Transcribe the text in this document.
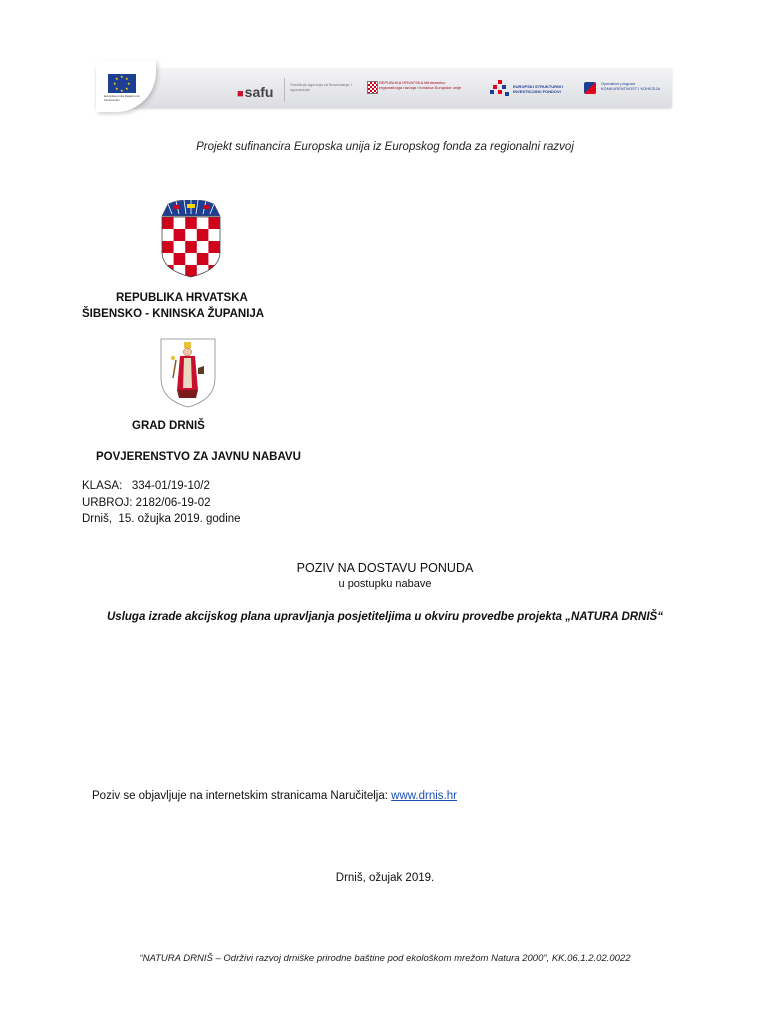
★ ★
★
★
★
★
★
★
Europska unija Zajedno do fondova EU	■safu	Središnja agencija za financiranje i ugovaranje
REPUBLIKA HRVATSKA Ministarstvo regionalnoga razvoja i fondova Europske unije	EUROPSKI STRUKTURNI I INVESTICIJSKI FONDOVI
Operativni program KONKURENTNOST I KOHEZIJA
Projekt sufinancira Europska unija iz Europskog fonda za regionalni razvoj
REPUBLIKA HRVATSKA
ŠIBENSKO - KNINSKA ŽUPANIJA
GRAD DRNIŠ
POVJERENSTVO ZA JAVNU NABAVU
KLASA:   334-01/19-10/2
URBROJ: 2182/06-19-02
Drniš,  15. ožujka 2019. godine
POZIV NA DOSTAVU PONUDA
u postupku nabave
Usluga izrade akcijskog plana upravljanja posjetiteljima u okviru provedbe projekta „NATURA DRNIŠ“
Poziv se objavljuje na internetskim stranicama Naručitelja: www.drnis.hr
Drniš, ožujak 2019.
“NATURA DRNIŠ – Održivi razvoj drniške prirodne baštine pod ekološkom mrežom Natura 2000”, KK.06.1.2.02.0022
